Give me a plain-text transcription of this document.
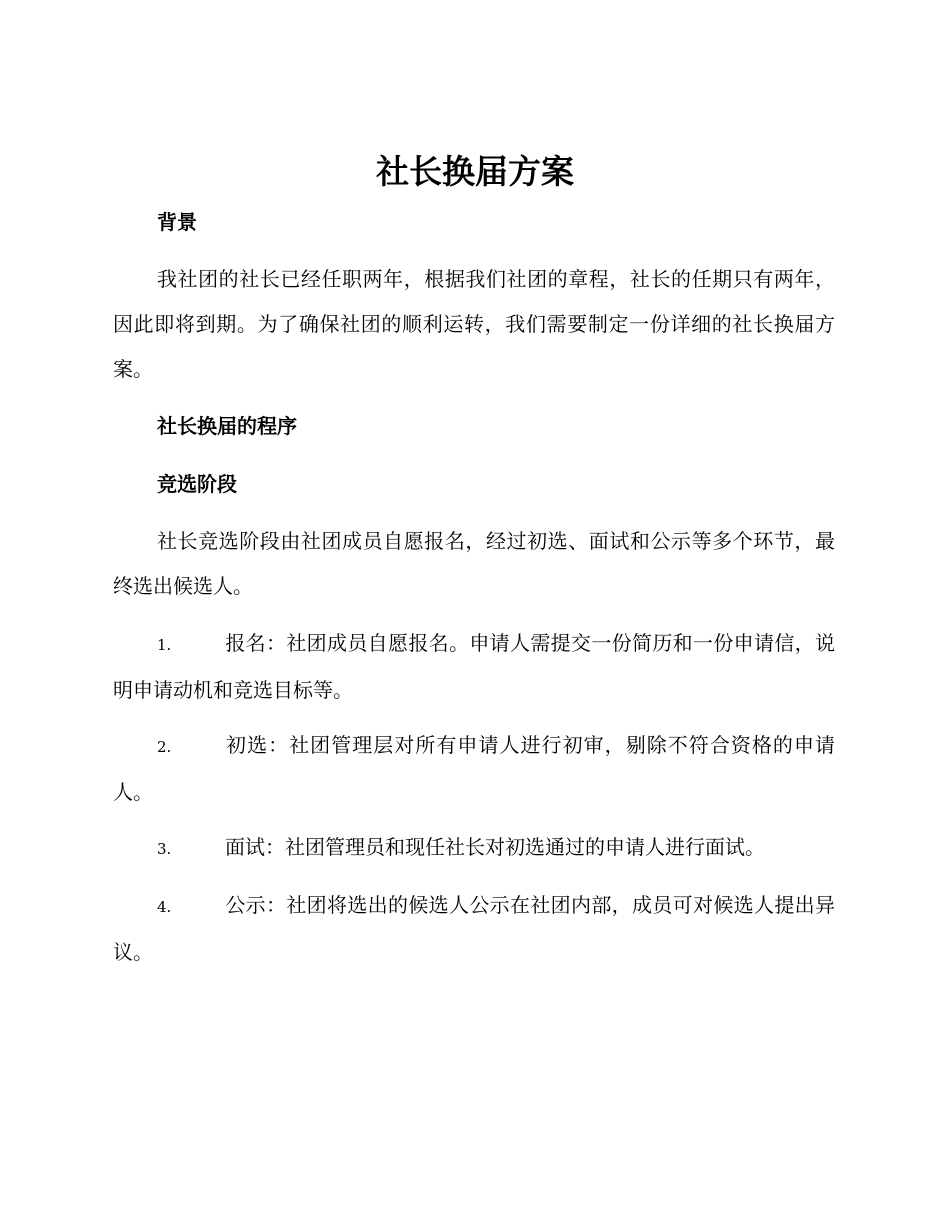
社长换届方案
背景

我社团的社长已经任职两年，根据我们社团的章程，社长的任期只有两年，因此即将到期。为了确保社团的顺利运转，我们需要制定一份详细的社长换届方案。

社长换届的程序
竞选阶段

社长竞选阶段由社团成员自愿报名，经过初选、面试和公示等多个环节，最终选出候选人。

1.	报名：社团成员自愿报名。申请人需提交一份简历和一份申请信，说明申请动机和竞选目标等。

2.	初选：社团管理层对所有申请人进行初审，剔除不符合资格的申请人。

3.	面试：社团管理员和现任社长对初选通过的申请人进行面试。

4.	公示：社团将选出的候选人公示在社团内部，成员可对候选人提出异议。
